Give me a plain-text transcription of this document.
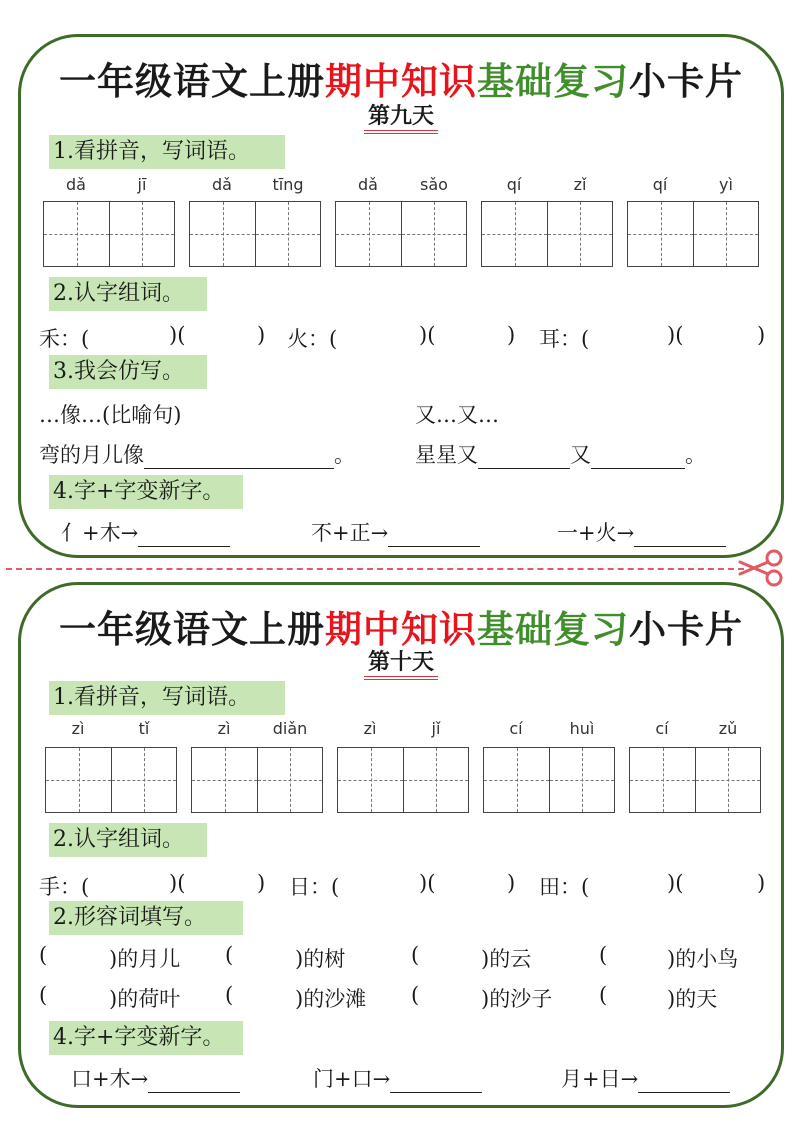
一年级语文上册期中知识基础复习小卡片
第九天
1.看拼音，写词语。
dǎ	jī	dǎ	tīng	dǎ	sǎo	qí	zǐ	qí	yì
2.认字组词。
禾：(	)(	) 火：(	)(	) 耳：(	)(	)
3.我会仿写。
…像…(比喻句)	又…又…
弯的月儿像	。	星星又	又	。
4.字+字变新字。
亻+木→	不+正→	一+火→
一年级语文上册期中知识基础复习小卡片
第十天
1.看拼音，写词语。
zì	tǐ	zì	diǎn	zì	jǐ	cí	huì	cí	zǔ
2.认字组词。
手：(	)(	) 日：(	)(	) 田：(	)(	)
2.形容词填写。
(	)的月儿 (	)的树	(	)的云	(	)的小鸟
(	)的荷叶 (	)的沙滩 (	)的沙子 (	)的天
4.字+字变新字。
口+木→	门+口→	月+日→
